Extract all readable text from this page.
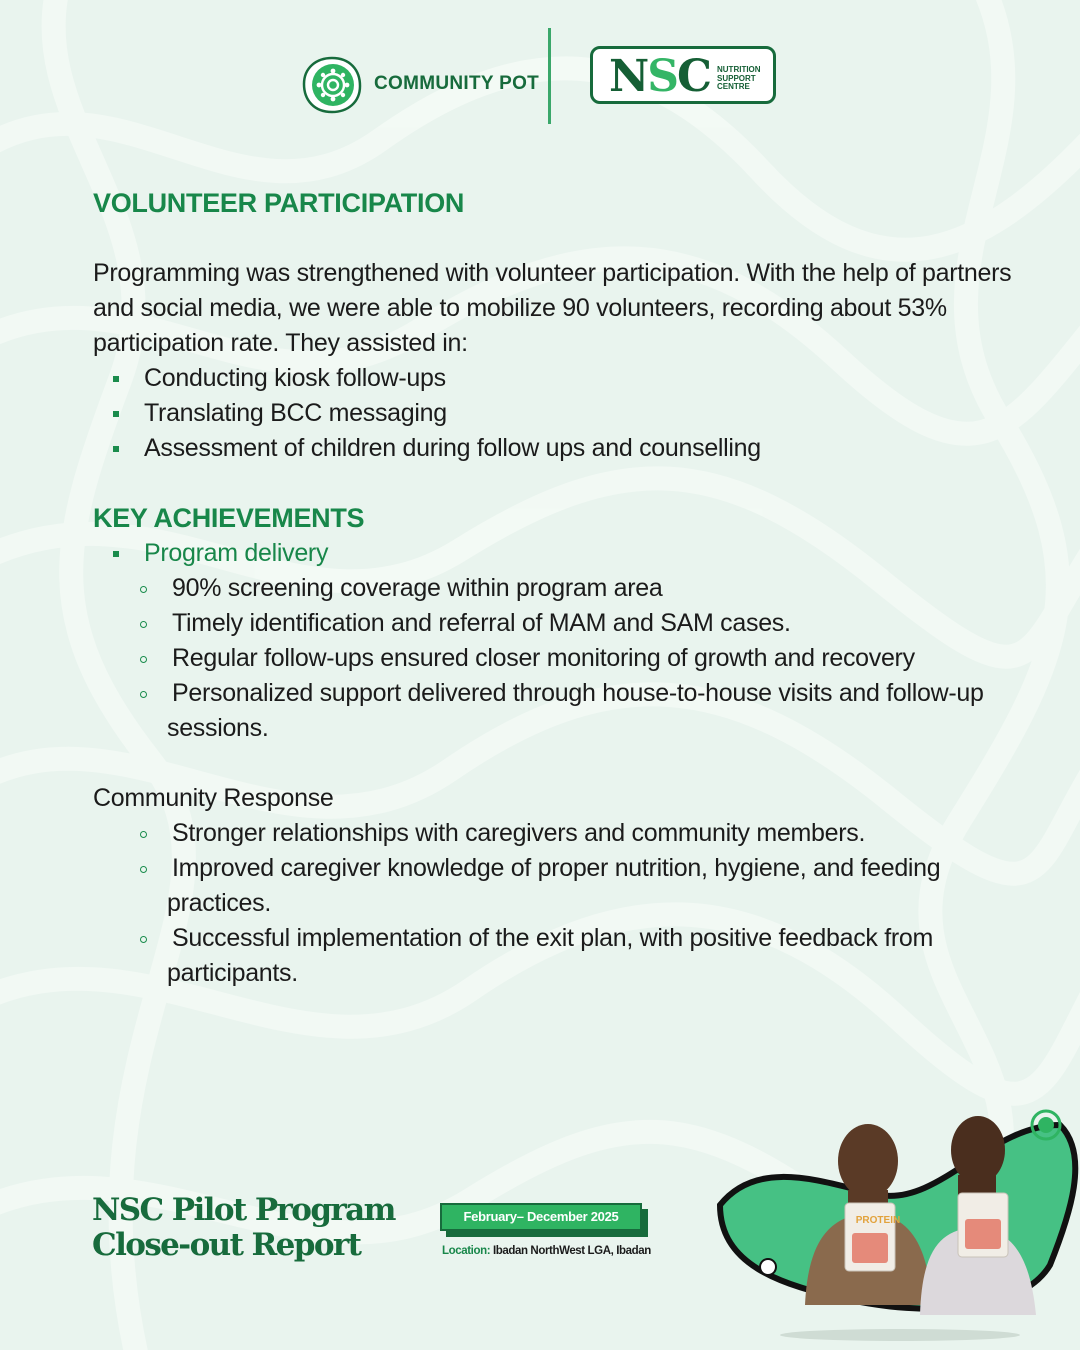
COMMUNITY POT NSC NUTRITION
SUPPORT
CENTRE
VOLUNTEER PARTICIPATION

Programming was strengthened with volunteer participation. With the help of partners and social media, we were able to mobilize 90 volunteers, recording about 53% participation rate. They assisted in:

Conducting kiosk follow-ups
Translating BCC messaging
Assessment of children during follow ups and counselling
KEY ACHIEVEMENTS
Program delivery
90% screening coverage within program area
Timely identification and referral of MAM and SAM cases.
Regular follow-ups ensured closer monitoring of growth and recovery
Personalized support delivered through house-to-house visits and follow-up sessions.

Community Response

Stronger relationships with caregivers and community members.
Improved caregiver knowledge of proper nutrition, hygiene, and feeding practices.
Successful implementation of the exit plan, with positive feedback from participants.
NSC Pilot Program
Close-out Report
February– December 2025
Location: Ibadan NorthWest LGA, Ibadan
PROTEIN
